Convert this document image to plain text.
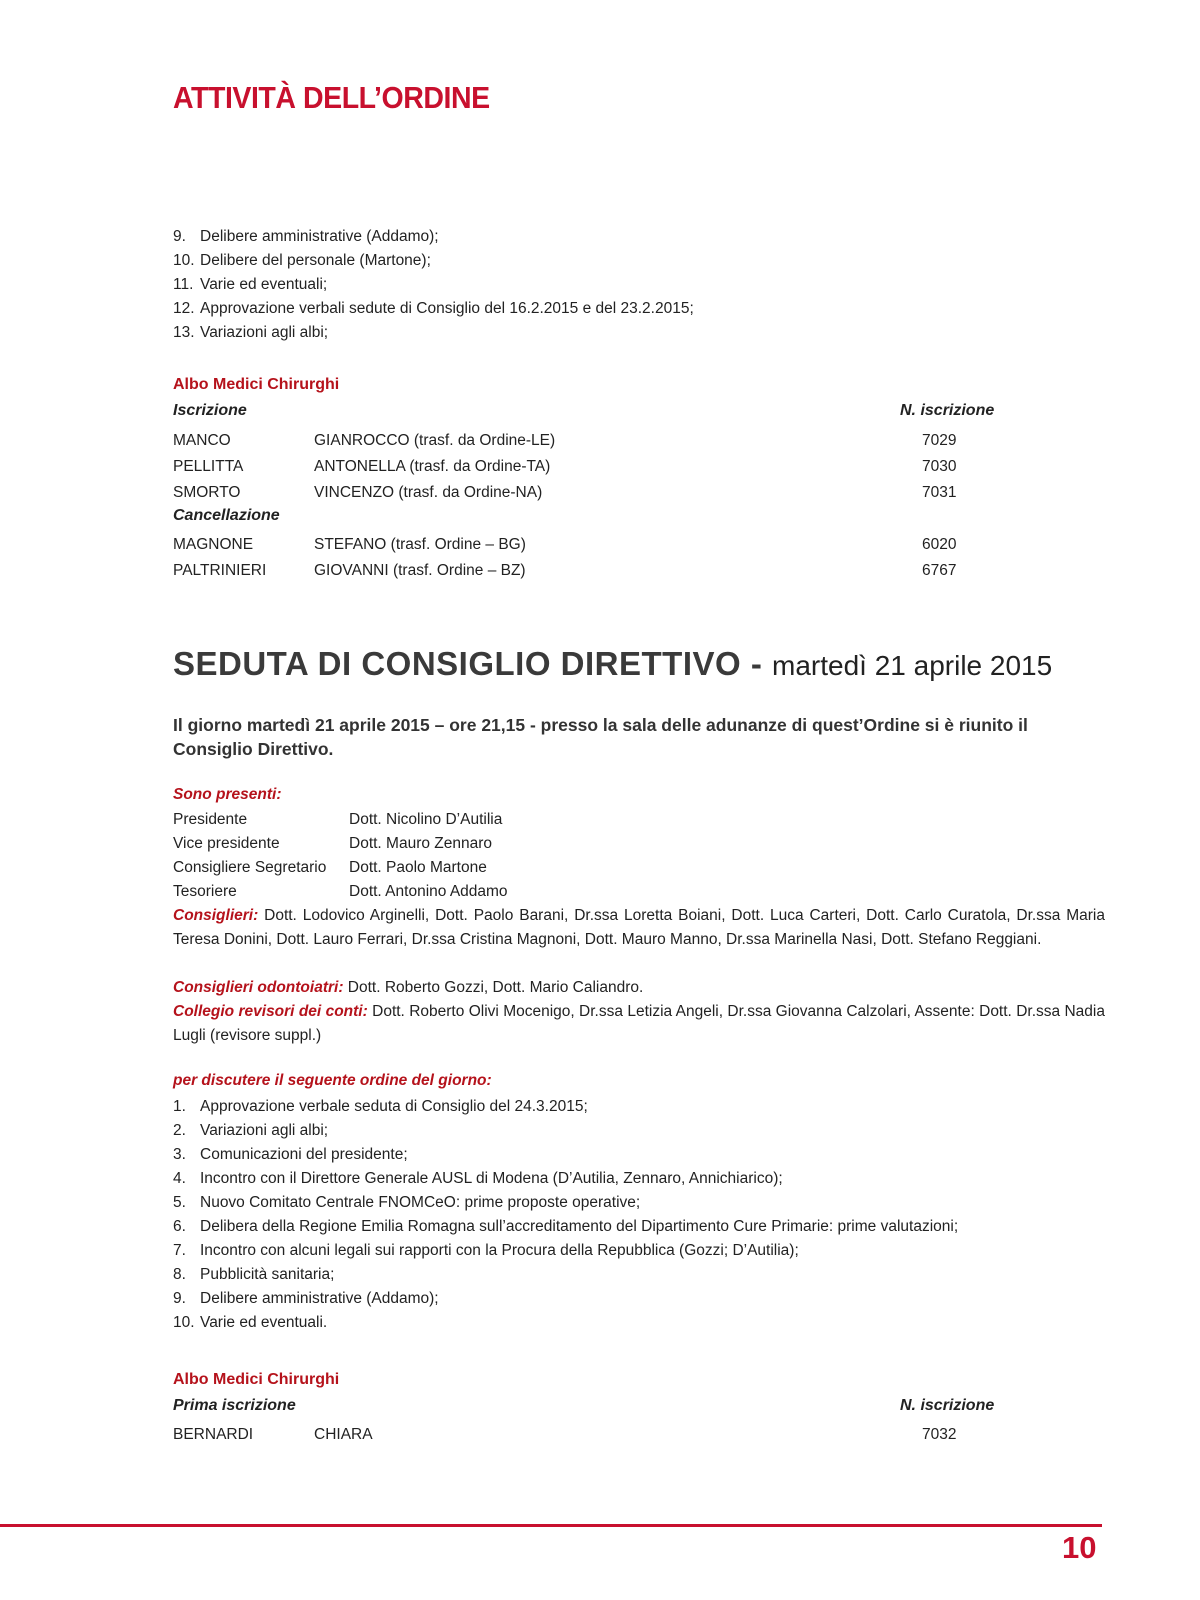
ATTIVITÀ DELL’ORDINE
9. Delibere amministrative (Addamo);
10. Delibere del personale (Martone);
11. Varie ed eventuali;
12. Approvazione verbali sedute di Consiglio del 16.2.2015 e del 23.2.2015;
13. Variazioni agli albi;
Albo Medici Chirurghi
Iscrizione	N. iscrizione
MANCO	GIANROCCO (trasf. da Ordine-LE)	7029
PELLITTA	ANTONELLA (trasf. da Ordine-TA)	7030
SMORTO	VINCENZO (trasf. da Ordine-NA)	7031
Cancellazione
MAGNONE	STEFANO (trasf. Ordine – BG)	6020
PALTRINIERI	GIOVANNI (trasf. Ordine – BZ)	6767
SEDUTA DI CONSIGLIO DIRETTIVO - martedì 21 aprile 2015
Il giorno martedì 21 aprile 2015 – ore 21,15 - presso la sala delle adunanze di quest’Ordine si è riunito il Consiglio Direttivo.
Sono presenti:
Presidente	Dott. Nicolino D’Autilia
Vice presidente	Dott. Mauro Zennaro
Consigliere Segretario Dott. Paolo Martone
Tesoriere	Dott. Antonino Addamo
Consiglieri: Dott. Lodovico Arginelli, Dott. Paolo Barani, Dr.ssa Loretta Boiani, Dott. Luca Carteri, Dott. Carlo Curatola, Dr.ssa Maria Teresa Donini, Dott. Lauro Ferrari, Dr.ssa Cristina Magnoni, Dott. Mauro Manno, Dr.ssa Marinella Nasi, Dott. Stefano Reggiani.
Consiglieri odontoiatri: Dott. Roberto Gozzi, Dott. Mario Caliandro.
Collegio revisori dei conti: Dott. Roberto Olivi Mocenigo, Dr.ssa Letizia Angeli, Dr.ssa Giovanna Calzolari, Assente: Dott. Dr.ssa Nadia Lugli (revisore suppl.)
per discutere il seguente ordine del giorno:
1. Approvazione verbale seduta di Consiglio del 24.3.2015;
2. Variazioni agli albi;
3. Comunicazioni del presidente;
4. Incontro con il Direttore Generale AUSL di Modena (D’Autilia, Zennaro, Annichiarico);
5. Nuovo Comitato Centrale FNOMCeO: prime proposte operative;
6. Delibera della Regione Emilia Romagna sull’accreditamento del Dipartimento Cure Primarie: prime valutazioni;
7. Incontro con alcuni legali sui rapporti con la Procura della Repubblica (Gozzi; D’Autilia);
8. Pubblicità sanitaria;
9. Delibere amministrative (Addamo);
10. Varie ed eventuali.
Albo Medici Chirurghi
Prima iscrizione	N. iscrizione
BERNARDI	CHIARA	7032
10
